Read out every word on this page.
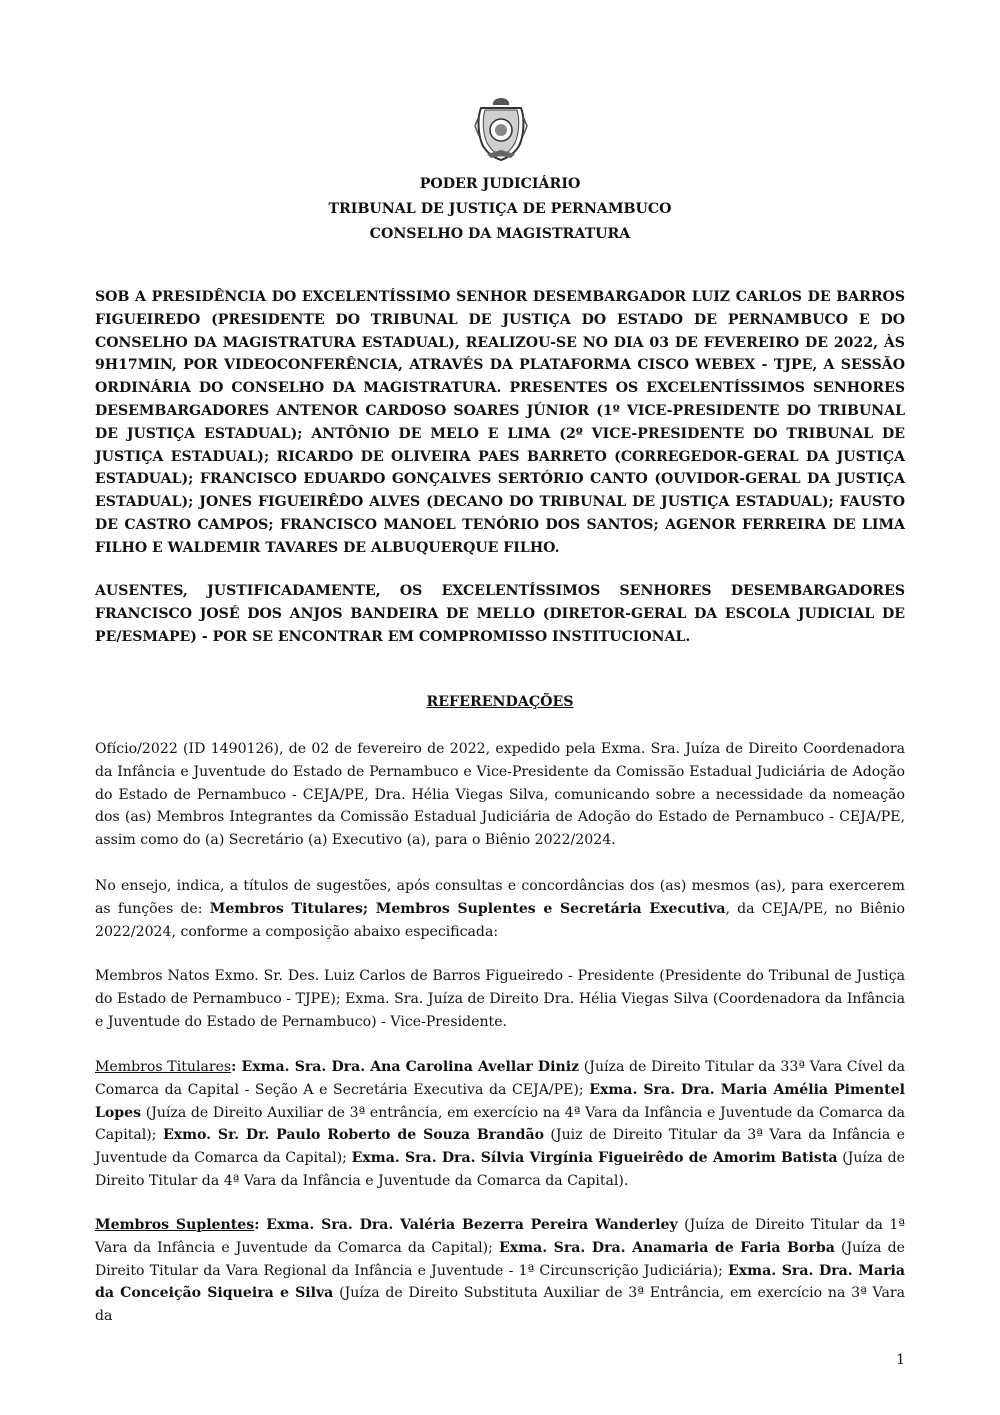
PODER JUDICIÁRIO
TRIBUNAL DE JUSTIÇA DE PERNAMBUCO
CONSELHO DA MAGISTRATURA
SOB A PRESIDÊNCIA DO EXCELENTÍSSIMO SENHOR DESEMBARGADOR LUIZ CARLOS DE BARROS FIGUEIREDO (PRESIDENTE DO TRIBUNAL DE JUSTIÇA DO ESTADO DE PERNAMBUCO E DO CONSELHO DA MAGISTRATURA ESTADUAL), REALIZOU-SE NO DIA 03 DE FEVEREIRO DE 2022, ÀS 9H17MIN, POR VIDEOCONFERÊNCIA, ATRAVÉS DA PLATAFORMA CISCO WEBEX - TJPE, A SESSÃO ORDINÁRIA DO CONSELHO DA MAGISTRATURA. PRESENTES OS EXCELENTÍSSIMOS SENHORES DESEMBARGADORES ANTENOR CARDOSO SOARES JÚNIOR (1º VICE-PRESIDENTE DO TRIBUNAL DE JUSTIÇA ESTADUAL); ANTÔNIO DE MELO E LIMA (2º VICE-PRESIDENTE DO TRIBUNAL DE JUSTIÇA ESTADUAL); RICARDO DE OLIVEIRA PAES BARRETO (CORREGEDOR-GERAL DA JUSTIÇA ESTADUAL); FRANCISCO EDUARDO GONÇALVES SERTÓRIO CANTO (OUVIDOR-GERAL DA JUSTIÇA ESTADUAL); JONES FIGUEIRÊDO ALVES (DECANO DO TRIBUNAL DE JUSTIÇA ESTADUAL); FAUSTO DE CASTRO CAMPOS; FRANCISCO MANOEL TENÓRIO DOS SANTOS; AGENOR FERREIRA DE LIMA FILHO E WALDEMIR TAVARES DE ALBUQUERQUE FILHO.
AUSENTES, JUSTIFICADAMENTE, OS EXCELENTÍSSIMOS SENHORES DESEMBARGADORES FRANCISCO JOSÉ DOS ANJOS BANDEIRA DE MELLO (DIRETOR-GERAL DA ESCOLA JUDICIAL DE PE/ESMAPE) - POR SE ENCONTRAR EM COMPROMISSO INSTITUCIONAL.
REFERENDAÇÕES
Ofício/2022 (ID 1490126), de 02 de fevereiro de 2022, expedido pela Exma. Sra. Juíza de Direito Coordenadora da Infância e Juventude do Estado de Pernambuco e Vice-Presidente da Comissão Estadual Judiciária de Adoção do Estado de Pernambuco - CEJA/PE, Dra. Hélia Viegas Silva, comunicando sobre a necessidade da nomeação dos (as) Membros Integrantes da Comissão Estadual Judiciária de Adoção do Estado de Pernambuco - CEJA/PE, assim como do (a) Secretário (a) Executivo (a), para o Biênio 2022/2024.
No ensejo, indica, a títulos de sugestões, após consultas e concordâncias dos (as) mesmos (as), para exercerem as funções de: Membros Titulares; Membros Suplentes e Secretária Executiva, da CEJA/PE, no Biênio 2022/2024, conforme a composição abaixo especificada:
Membros Natos Exmo. Sr. Des. Luiz Carlos de Barros Figueiredo - Presidente (Presidente do Tribunal de Justiça do Estado de Pernambuco - TJPE); Exma. Sra. Juíza de Direito Dra. Hélia Viegas Silva (Coordenadora da Infância e Juventude do Estado de Pernambuco) - Vice-Presidente.
Membros Titulares: Exma. Sra. Dra. Ana Carolina Avellar Diniz (Juíza de Direito Titular da 33ª Vara Cível da Comarca da Capital - Seção A e Secretária Executiva da CEJA/PE); Exma. Sra. Dra. Maria Amélia Pimentel Lopes (Juíza de Direito Auxiliar de 3ª entrância, em exercício na 4ª Vara da Infância e Juventude da Comarca da Capital); Exmo. Sr. Dr. Paulo Roberto de Souza Brandão (Juiz de Direito Titular da 3ª Vara da Infância e Juventude da Comarca da Capital); Exma. Sra. Dra. Sílvia Virgínia Figueirêdo de Amorim Batista (Juíza de Direito Titular da 4ª Vara da Infância e Juventude da Comarca da Capital).
Membros Suplentes: Exma. Sra. Dra. Valéria Bezerra Pereira Wanderley (Juíza de Direito Titular da 1ª Vara da Infância e Juventude da Comarca da Capital); Exma. Sra. Dra. Anamaria de Faria Borba (Juíza de Direito Titular da Vara Regional da Infância e Juventude - 1ª Circunscrição Judiciária); Exma. Sra. Dra. Maria da Conceição Siqueira e Silva (Juíza de Direito Substituta Auxiliar de 3ª Entrância, em exercício na 3ª Vara da
1
